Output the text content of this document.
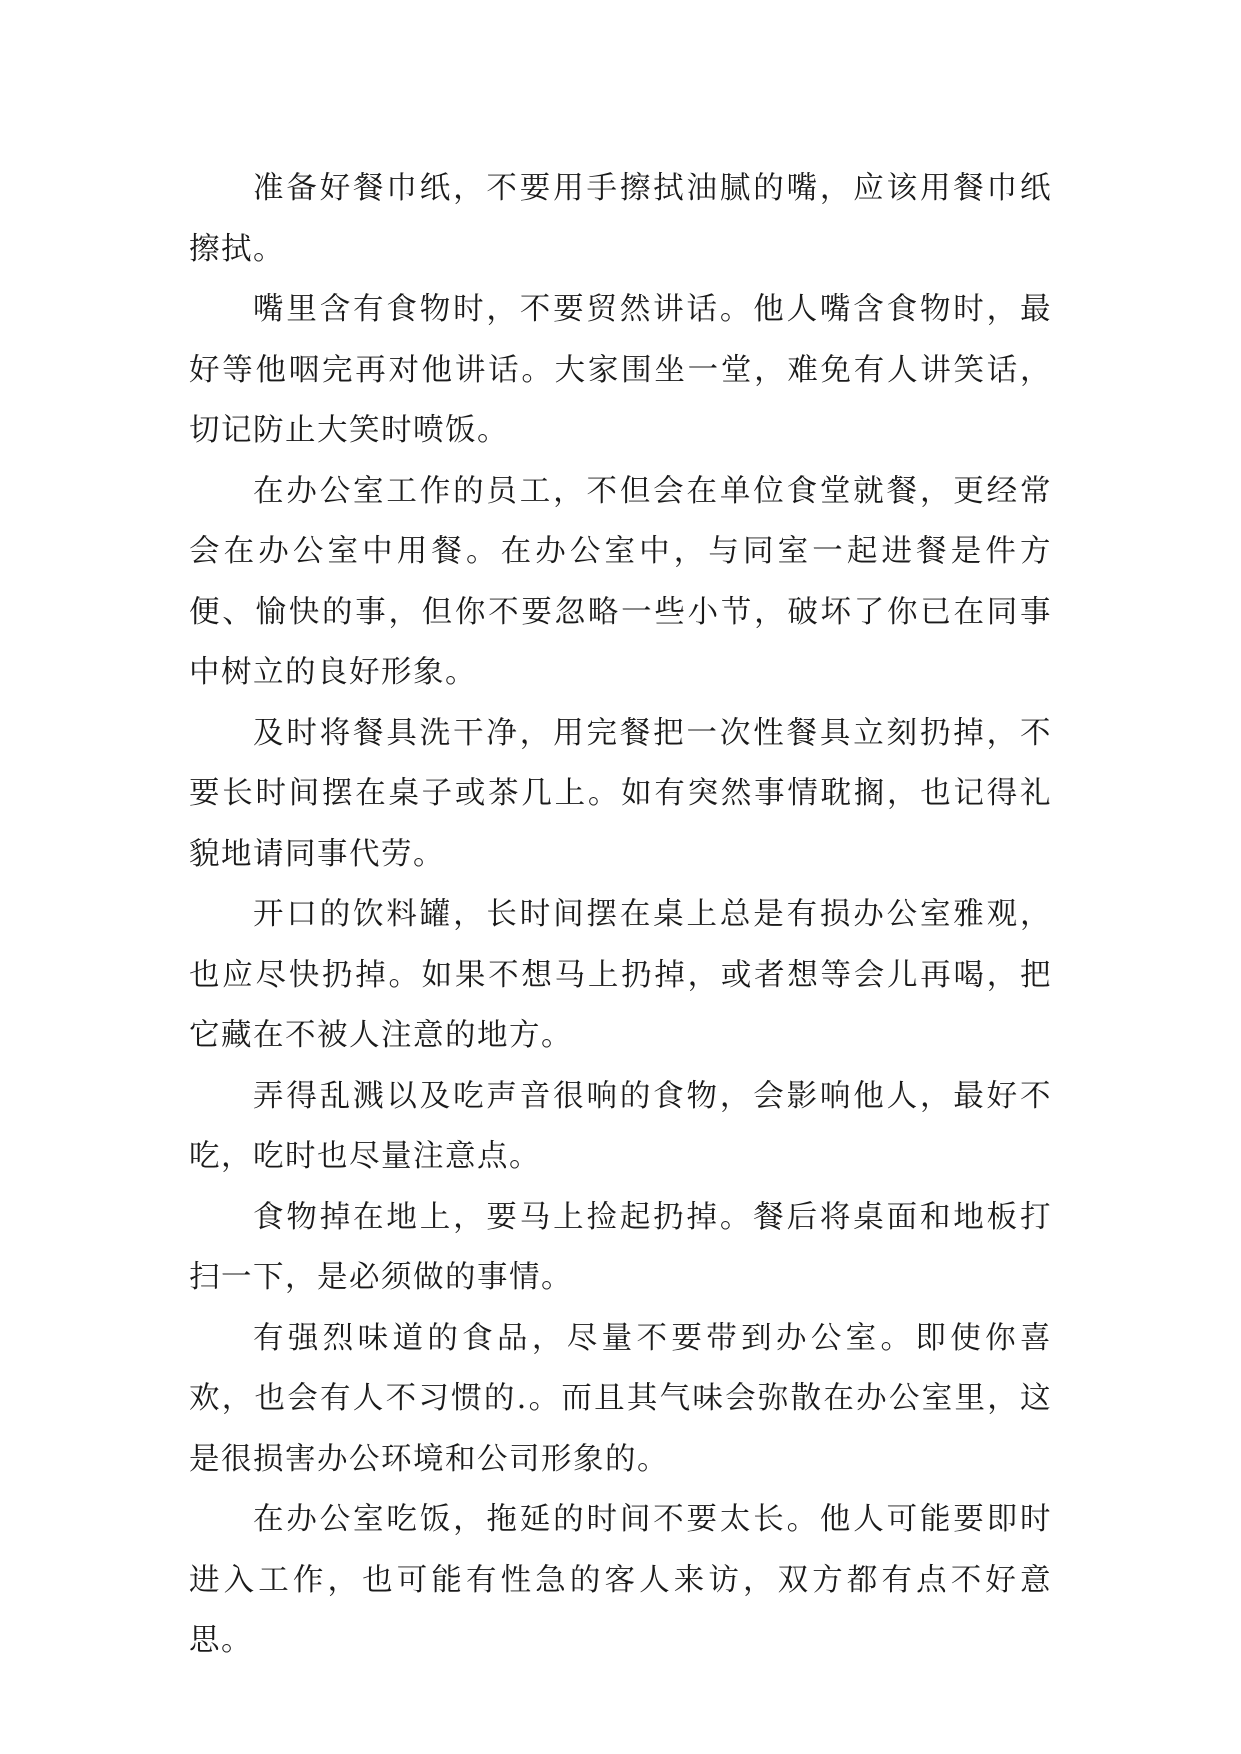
准备好餐巾纸，不要用手擦拭油腻的嘴，应该用餐巾纸擦拭。

嘴里含有食物时，不要贸然讲话。他人嘴含食物时，最好等他咽完再对他讲话。大家围坐一堂，难免有人讲笑话，切记防止大笑时喷饭。

在办公室工作的员工，不但会在单位食堂就餐，更经常会在办公室中用餐。在办公室中，与同室一起进餐是件方便、愉快的事，但你不要忽略一些小节，破坏了你已在同事中树立的良好形象。

及时将餐具洗干净，用完餐把一次性餐具立刻扔掉，不要长时间摆在桌子或茶几上。如有突然事情耽搁，也记得礼貌地请同事代劳。

开口的饮料罐，长时间摆在桌上总是有损办公室雅观，也应尽快扔掉。如果不想马上扔掉，或者想等会儿再喝，把它藏在不被人注意的地方。

弄得乱溅以及吃声音很响的食物，会影响他人，最好不吃，吃时也尽量注意点。

食物掉在地上，要马上捡起扔掉。餐后将桌面和地板打扫一下，是必须做的事情。

有强烈味道的食品，尽量不要带到办公室。即使你喜欢，也会有人不习惯的.。而且其气味会弥散在办公室里，这是很损害办公环境和公司形象的。

在办公室吃饭，拖延的时间不要太长。他人可能要即时进入工作，也可能有性急的客人来访，双方都有点不好意思。
